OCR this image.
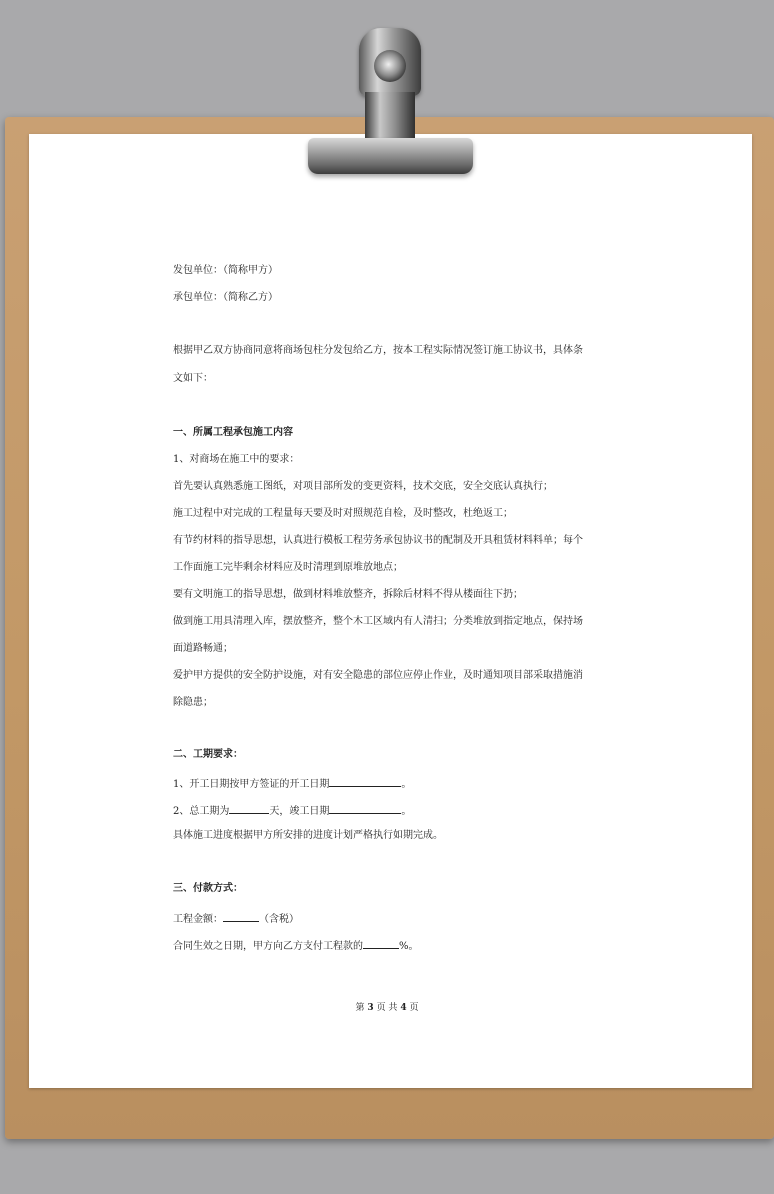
发包单位：（简称甲方）

承包单位：（简称乙方）

根据甲乙双方协商同意将商场包柱分发包给乙方，按本工程实际情况签订施工协议书，具体条

文如下：

一、所属工程承包施工内容

1、对商场在施工中的要求：

首先要认真熟悉施工图纸，对项目部所发的变更资料，技术交底，安全交底认真执行；

施工过程中对完成的工程量每天要及时对照规范自检，及时整改，杜绝返工；

有节约材料的指导思想，认真进行模板工程劳务承包协议书的配制及开具租赁材料料单；每个

工作面施工完毕剩余材料应及时清理到原堆放地点；

要有文明施工的指导思想，做到材料堆放整齐，拆除后材料不得从楼面往下扔；

做到施工用具清理入库，摆放整齐，整个木工区域内有人清扫；分类堆放到指定地点，保持场

面道路畅通；

爱护甲方提供的安全防护设施，对有安全隐患的部位应停止作业，及时通知项目部采取措施消

除隐患；

二、工期要求：

1、开工日期按甲方签证的开工日期	。

2、总工期为	天，竣工日期	。

具体施工进度根据甲方所安排的进度计划严格执行如期完成。

三、付款方式：

工程金额：	（含税）

合同生效之日期，甲方向乙方支付工程款的	%。

第 3 页 共 4 页
